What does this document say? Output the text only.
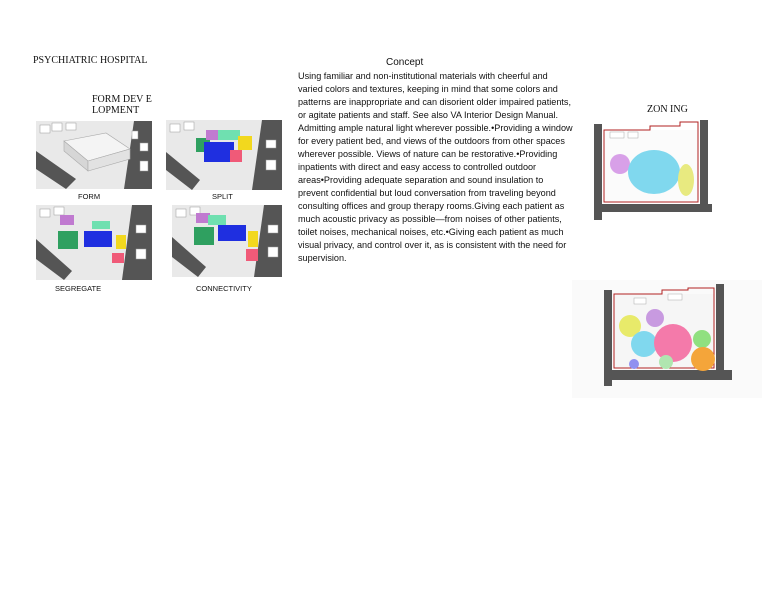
PSYCHIATRIC HOSPITAL
FORM DEV E LOPMENT	ZON ING
Concept
Using familiar and non-institutional materials with cheerful and varied colors and textures, keeping in mind that some colors and patterns are inappropriate and can disorient older impaired patients, or agitate patients and staff. See also VA Interior Design Manual. Admitting ample natural light wherever possible.•Providing a window for every patient bed, and views of the outdoors from other spaces wherever possible. Views of nature can be restorative.•Providing inpatients with direct and easy access to controlled outdoor areas•Providing adequate separation and sound insulation to prevent confidential but loud conversation from traveling beyond consulting offices and group therapy rooms.Giving each patient as much acoustic privacy as possible—from noises of other patients, toilet noises, mechanical noises, etc.•Giving each patient as much visual privacy, and control over it, as is consistent with the need for supervision.
FORM	SPLIT
SEGREGATE	CONNECTIVITY
